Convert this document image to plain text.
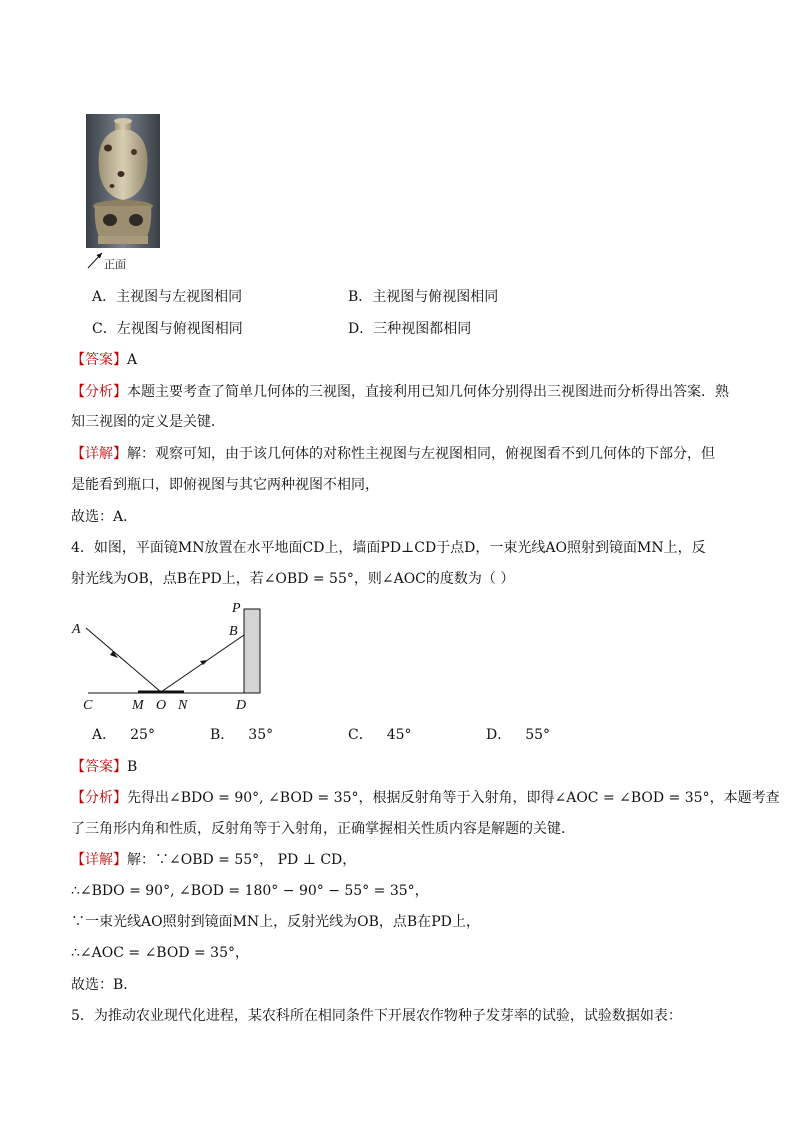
正面
A．主视图与左视图相同	B．主视图与俯视图相同
C．左视图与俯视图相同	D．三种视图都相同
【答案】A
【分析】本题主要考查了简单几何体的三视图，直接利用已知几何体分别得出三视图进而分析得出答案．熟
知三视图的定义是关键．
【详解】解：观察可知，由于该几何体的对称性主视图与左视图相同，俯视图看不到几何体的下部分，但
是能看到瓶口，即俯视图与其它两种视图不相同，
故选：A．
4．如图，平面镜MN放置在水平地面CD上，墙面PD⊥CD于点D，一束光线AO照射到镜面MN上，反
射光线为OB，点B在PD上，若∠OBD = 55°，则∠AOC的度数为（ ）
A
P
B
C	M O N	D
A． 25°	B． 35°	C． 45°	D． 55°
【答案】B
【分析】先得出∠BDO = 90°, ∠BOD = 35°，根据反射角等于入射角，即得∠AOC = ∠BOD = 35°，本题考查
了三角形内角和性质，反射角等于入射角，正确掌握相关性质内容是解题的关键．
【详解】解：∵∠OBD = 55°， PD ⊥ CD，
∴∠BDO = 90°, ∠BOD = 180° − 90° − 55° = 35°，
∵一束光线AO照射到镜面MN上，反射光线为OB，点B在PD上，
∴∠AOC = ∠BOD = 35°，
故选：B．
5．为推动农业现代化进程，某农科所在相同条件下开展农作物种子发芽率的试验，试验数据如表：
